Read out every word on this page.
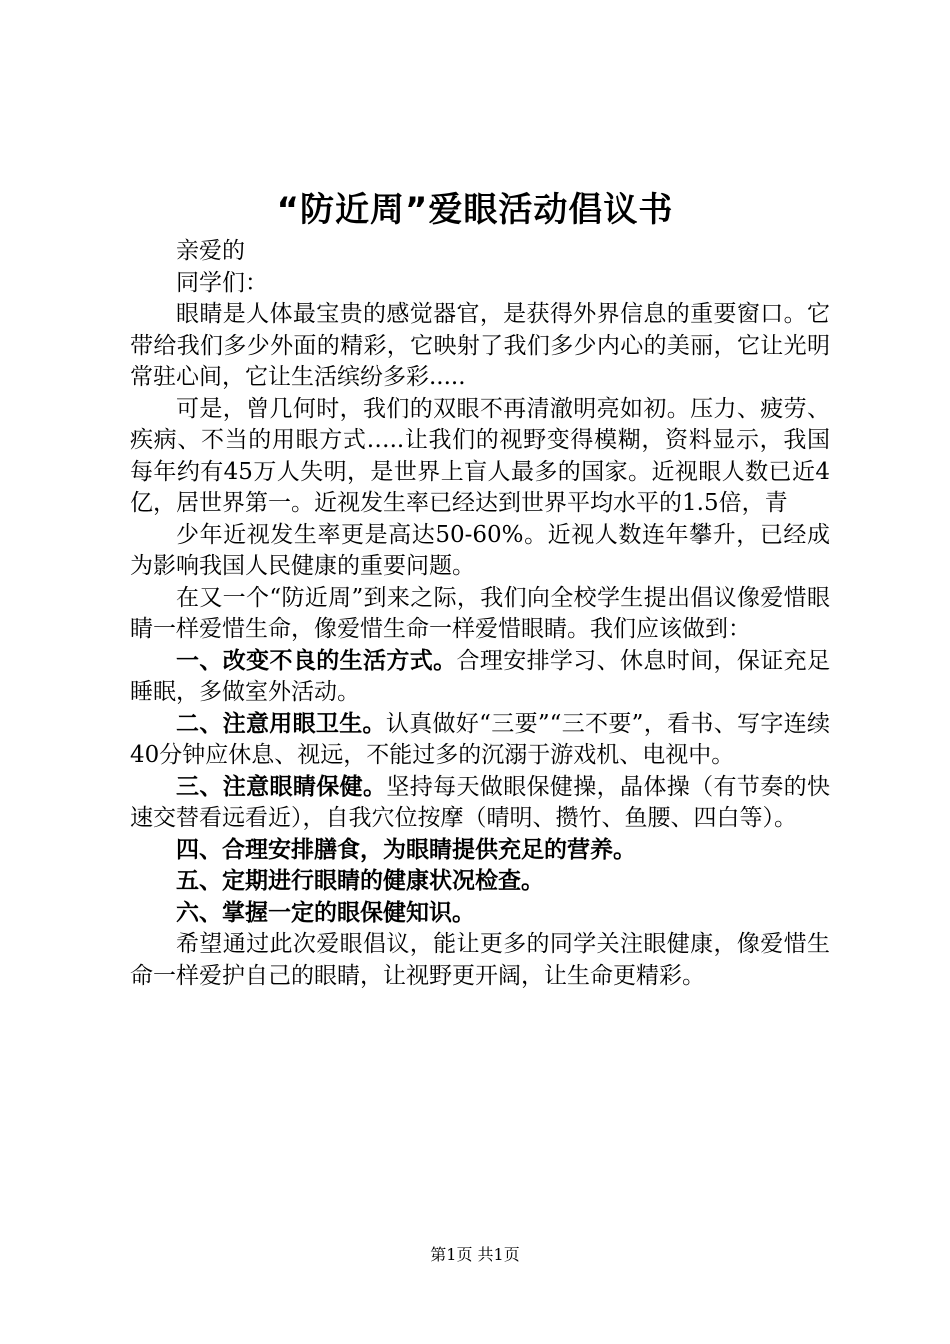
“防近周”爱眼活动倡议书

亲爱的

同学们：

眼睛是人体最宝贵的感觉器官，是获得外界信息的重要窗口。它带给我们多少外面的精彩，它映射了我们多少内心的美丽，它让光明常驻心间，它让生活缤纷多彩.....

可是，曾几何时，我们的双眼不再清澈明亮如初。压力、疲劳、疾病、不当的用眼方式…..让我们的视野变得模糊，资料显示，我国每年约有45万人失明，是世界上盲人最多的国家。近视眼人数已近4亿，居世界第一。近视发生率已经达到世界平均水平的1.5倍，青

少年近视发生率更是高达50-60%。近视人数连年攀升，已经成为影响我国人民健康的重要问题。

在又一个“防近周”到来之际，我们向全校学生提出倡议像爱惜眼睛一样爱惜生命，像爱惜生命一样爱惜眼睛。我们应该做到：

一、改变不良的生活方式。合理安排学习、休息时间，保证充足睡眠，多做室外活动。

二、注意用眼卫生。认真做好“三要”“三不要”，看书、写字连续40分钟应休息、视远，不能过多的沉溺于游戏机、电视中。

三、注意眼睛保健。坚持每天做眼保健操，晶体操（有节奏的快速交替看远看近），自我穴位按摩（晴明、攒竹、鱼腰、四白等）。

四、合理安排膳食，为眼睛提供充足的营养。

五、定期进行眼睛的健康状况检查。

六、掌握一定的眼保健知识。

希望通过此次爱眼倡议，能让更多的同学关注眼健康，像爱惜生命一样爱护自己的眼睛，让视野更开阔，让生命更精彩。

第1页 共1页
